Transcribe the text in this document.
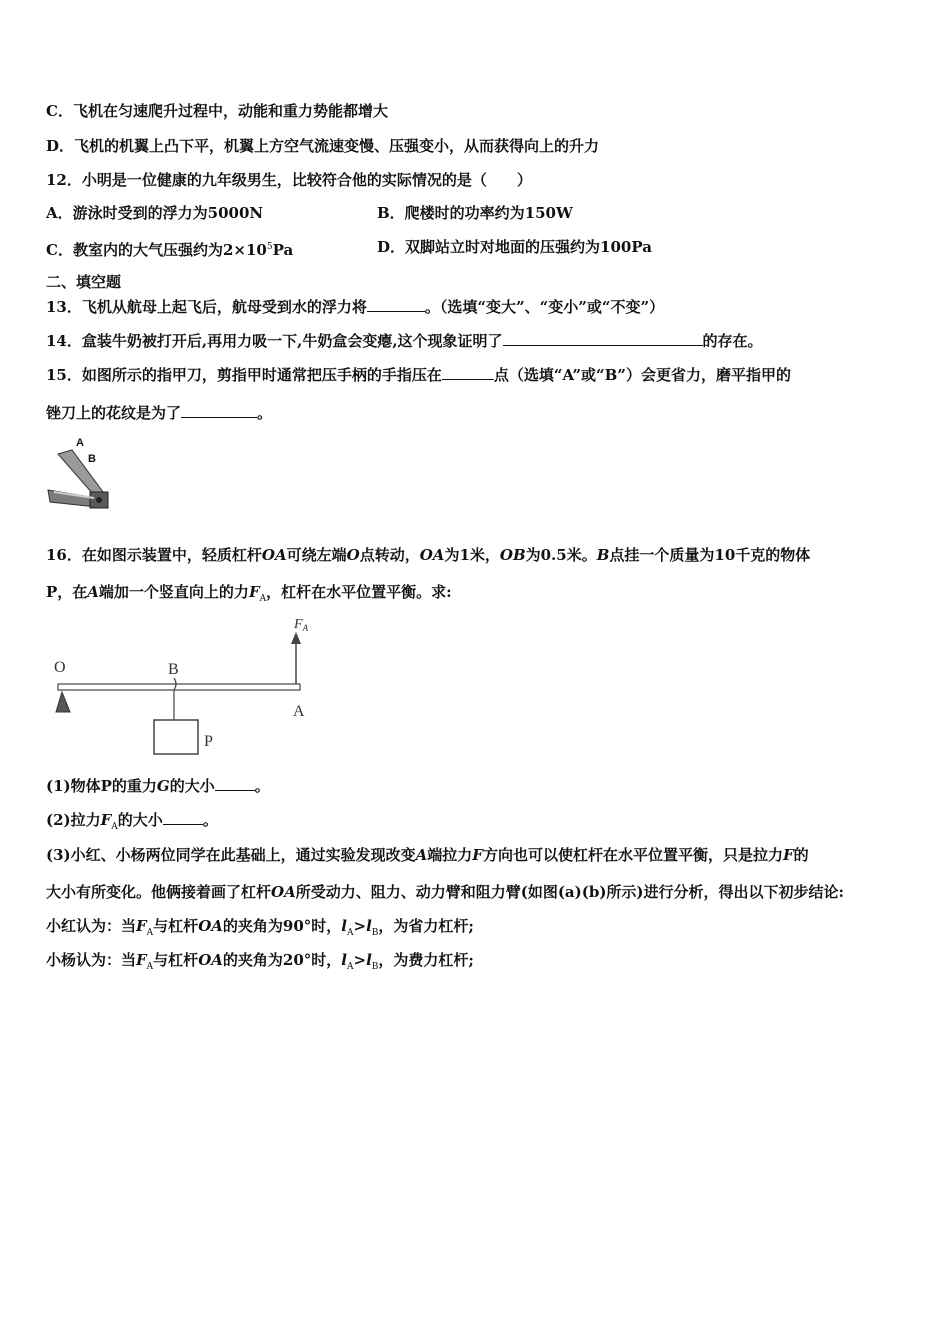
C．飞机在匀速爬升过程中，动能和重力势能都增大
D．飞机的机翼上凸下平，机翼上方空气流速变慢、压强变小，从而获得向上的升力
12．小明是一位健康的九年级男生，比较符合他的实际情况的是（　　）
A．游泳时受到的浮力为5000N	B．爬楼时的功率约为150W
C．教室内的大气压强约为$2\times 10^5Pa$	D．双脚站立时对地面的压强约为100Pa
二、填空题
13．飞机从航母上起飞后，航母受到水的浮力将	。（选填“变大”、“变小”或“不变”）
14．盒装牛奶被打开后,再用力吸一下,牛奶盒会变瘪,这个现象证明了	的存在。
15．如图所示的指甲刀，剪指甲时通常把压手柄的手指压在	点（选填“A”或“B”）会更省力，磨平指甲的
锉刀上的花纹是为了	。
A
B
16．在如图示装置中，轻质杠杆OA可绕左端O点转动，OA为1米，OB为0.5米。B点挂一个质量为10千克的物体
P，在A端加一个竖直向上的力$F_A$，杠杆在水平位置平衡。求:
O	B
A
P
$F_A$
(1)物体P的重力G的大小	。
(2)拉力$F_A$的大小	。
(3)小红、小杨两位同学在此基础上，通过实验发现改变A端拉力F方向也可以使杠杆在水平位置平衡，只是拉力F的
大小有所变化。他俩接着画了杠杆OA所受动力、阻力、动力臂和阻力臂(如图(a)(b)所示)进行分析，得出以下初步结论:
小红认为：当$F_A$与杠杆OA的夹角为90°时，$l_A>l_B$，为省力杠杆;
小杨认为：当$F_A$与杠杆OA的夹角为20°时，$l_A>l_B$，为费力杠杆;
